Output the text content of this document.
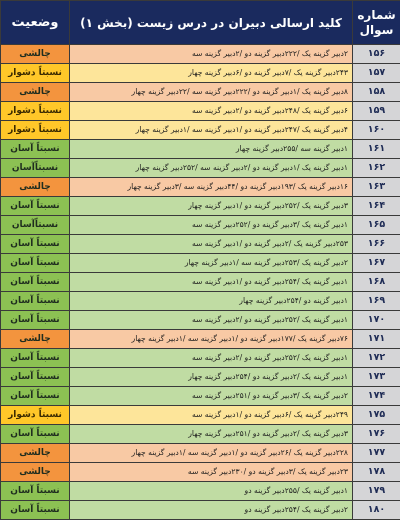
وضعیت	کلید ارسالی دبیران در درس زیست (بخش ۱)	شماره
سوال

چالشی	۲دبیر گزینه یک /۲۲۲دبیر گزینه دو /۲دبیر گزینه سه	۱۵۶
نسبتاً دشوار	۲۴۳دبیر گزینه یک /۷دبیر گزینه دو /۶دبیر گزینه چهار	۱۵۷
چالشی	۸دبیر گزینه یک /۱دبیر گزینه دو /۲۲۲دبیر گزینه سه /۲۲دبیر گزینه چهار	۱۵۸
نسبتاً دشوار	۶دبیر گزینه یک /۲۴۸دبیر گزینه دو /۲دبیر گزینه سه	۱۵۹
نسبتاً دشوار	۴دبیر گزینه یک /۲۴۷دبیر گزینه دو /۱دبیر گزینه سه /۱دبیر گزینه چهار	۱۶۰
نسبتاً آسان	۱دبیر گزینه سه /۲۵۵دبیر گزینه چهار	۱۶۱
نسبتاًآسان	۱دبیر گزینه یک /۱دبیر گزینه دو /۲دبیر گزینه سه /۲۵۲دبیر گزینه چهار	۱۶۲
چالشی	۱۶دبیر گزینه یک /۱۹۳دبیر گزینه دو /۴۴دبیر گزینه سه /۳دبیر گزینه چهار	۱۶۳
نسبتاً آسان	۳دبیر گزینه یک /۲۵۲دبیر گزینه دو /۱دبیر گزینه چهار	۱۶۴
نسبتاًآسان	۱دبیر گزینه یک /۳دبیر گزینه دو /۲۵۲دبیر گزینه سه	۱۶۵
نسبتاً آسان	۲۵۳دبیر گزینه یک /۲دبیر گزینه دو /۱دبیر گزینه سه	۱۶۶
نسبتاً آسان	۲دبیر گزینه یک /۲۵۳دبیر گزینه سه /۱دبیر گزینه چهار	۱۶۷
نسبتاً آسان	۱دبیر گزینه یک /۲۵۴دبیر گزینه دو /۱دبیر گزینه سه	۱۶۸
نسبتاً آسان	۱دبیر گزینه دو /۲۵۴دبیر گزینه چهار	۱۶۹
نسبتاً آسان	۱دبیر گزینه یک /۲۵۲دبیر گزینه دو /۲دبیر گزینه سه	۱۷۰
چالشی	۷۶دبیر گزینه یک /۱۷۷دبیر گزینه دو /۱دبیر گزینه سه /۱دبیر گزینه چهار	۱۷۱
نسبتاً آسان	۱دبیر گزینه یک /۲۵۲دبیر گزینه دو /۲دبیر گزینه سه	۱۷۲
نسبتاً آسان	۱دبیر گزینه یک /۲دبیر گزینه دو /۲۵۴دبیر گزینه چهار	۱۷۳
نسبتاً آسان	۲دبیر گزینه یک /۳دبیر گزینه دو /۲۵۱دبیر گزینه سه	۱۷۴
نسبتاً دشوار	۲۴۹دبیر گزینه یک /۶دبیر گزینه دو /۱دبیر گزینه سه	۱۷۵
نسبتاً آسان	۳دبیر گزینه یک /۲دبیر گزینه دو /۲۵۱دبیر گزینه چهار	۱۷۶
چالشی	۲۲۸دبیر گزینه یک /۲۶دبیر گزینه دو /۱دبیر گزینه سه /۱دبیر گزینه چهار	۱۷۷
چالشی	۲۳دبیر گزینه یک /۳دبیر گزینه دو /۲۳۰دبیر گزینه سه	۱۷۸
نسبتاً آسان	۱دبیر گزینه یک /۲۵۵دبیر گزینه دو	۱۷۹
نسبتاً آسان	۲دبیر گزینه یک /۲۵۴دبیر گزینه دو	۱۸۰
